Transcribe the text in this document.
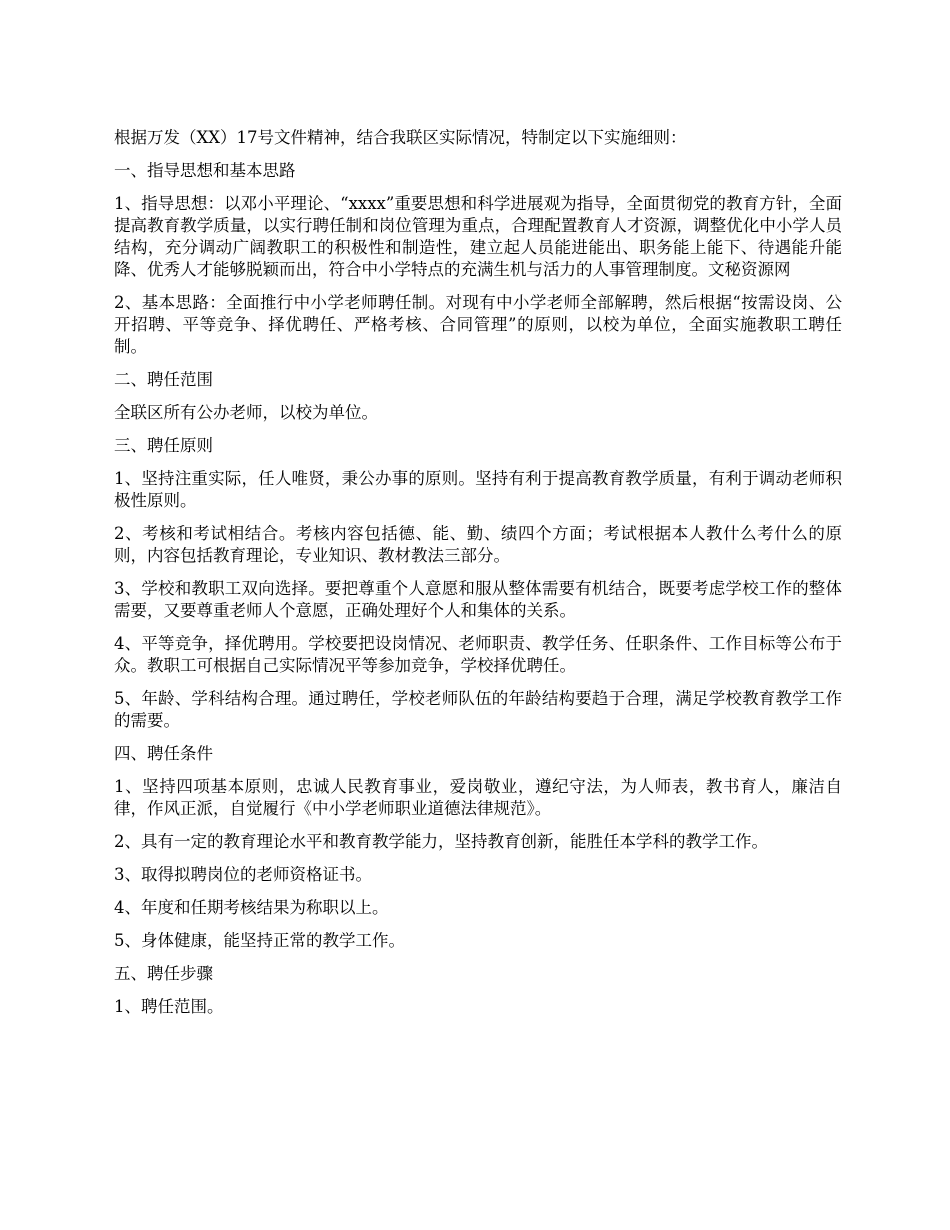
根据万发（XX）17号文件精神，结合我联区实际情况，特制定以下实施细则：

一、指导思想和基本思路

1、指导思想：以邓小平理论、“xxxx”重要思想和科学进展观为指导，全面贯彻党的教育方针，全面提高教育教学质量，以实行聘任制和岗位管理为重点，合理配置教育人才资源，调整优化中小学人员结构，充分调动广阔教职工的积极性和制造性，建立起人员能进能出、职务能上能下、待遇能升能降、优秀人才能够脱颖而出，符合中小学特点的充满生机与活力的人事管理制度。文秘资源网

2、基本思路：全面推行中小学老师聘任制。对现有中小学老师全部解聘，然后根据“按需设岗、公开招聘、平等竞争、择优聘任、严格考核、合同管理”的原则，以校为单位，全面实施教职工聘任制。

二、聘任范围

全联区所有公办老师，以校为单位。

三、聘任原则

1、坚持注重实际，任人唯贤，秉公办事的原则。坚持有利于提高教育教学质量，有利于调动老师积极性原则。

2、考核和考试相结合。考核内容包括德、能、勤、绩四个方面；考试根据本人教什么考什么的原则，内容包括教育理论，专业知识、教材教法三部分。

3、学校和教职工双向选择。要把尊重个人意愿和服从整体需要有机结合，既要考虑学校工作的整体需要，又要尊重老师人个意愿，正确处理好个人和集体的关系。

4、平等竞争，择优聘用。学校要把设岗情况、老师职责、教学任务、任职条件、工作目标等公布于众。教职工可根据自己实际情况平等参加竞争，学校择优聘任。

5、年龄、学科结构合理。通过聘任，学校老师队伍的年龄结构要趋于合理，满足学校教育教学工作的需要。

四、聘任条件

1、坚持四项基本原则，忠诚人民教育事业，爱岗敬业，遵纪守法，为人师表，教书育人，廉洁自律，作风正派，自觉履行《中小学老师职业道德法律规范》。

2、具有一定的教育理论水平和教育教学能力，坚持教育创新，能胜任本学科的教学工作。

3、取得拟聘岗位的老师资格证书。

4、年度和任期考核结果为称职以上。

5、身体健康，能坚持正常的教学工作。

五、聘任步骤

1、聘任范围。
